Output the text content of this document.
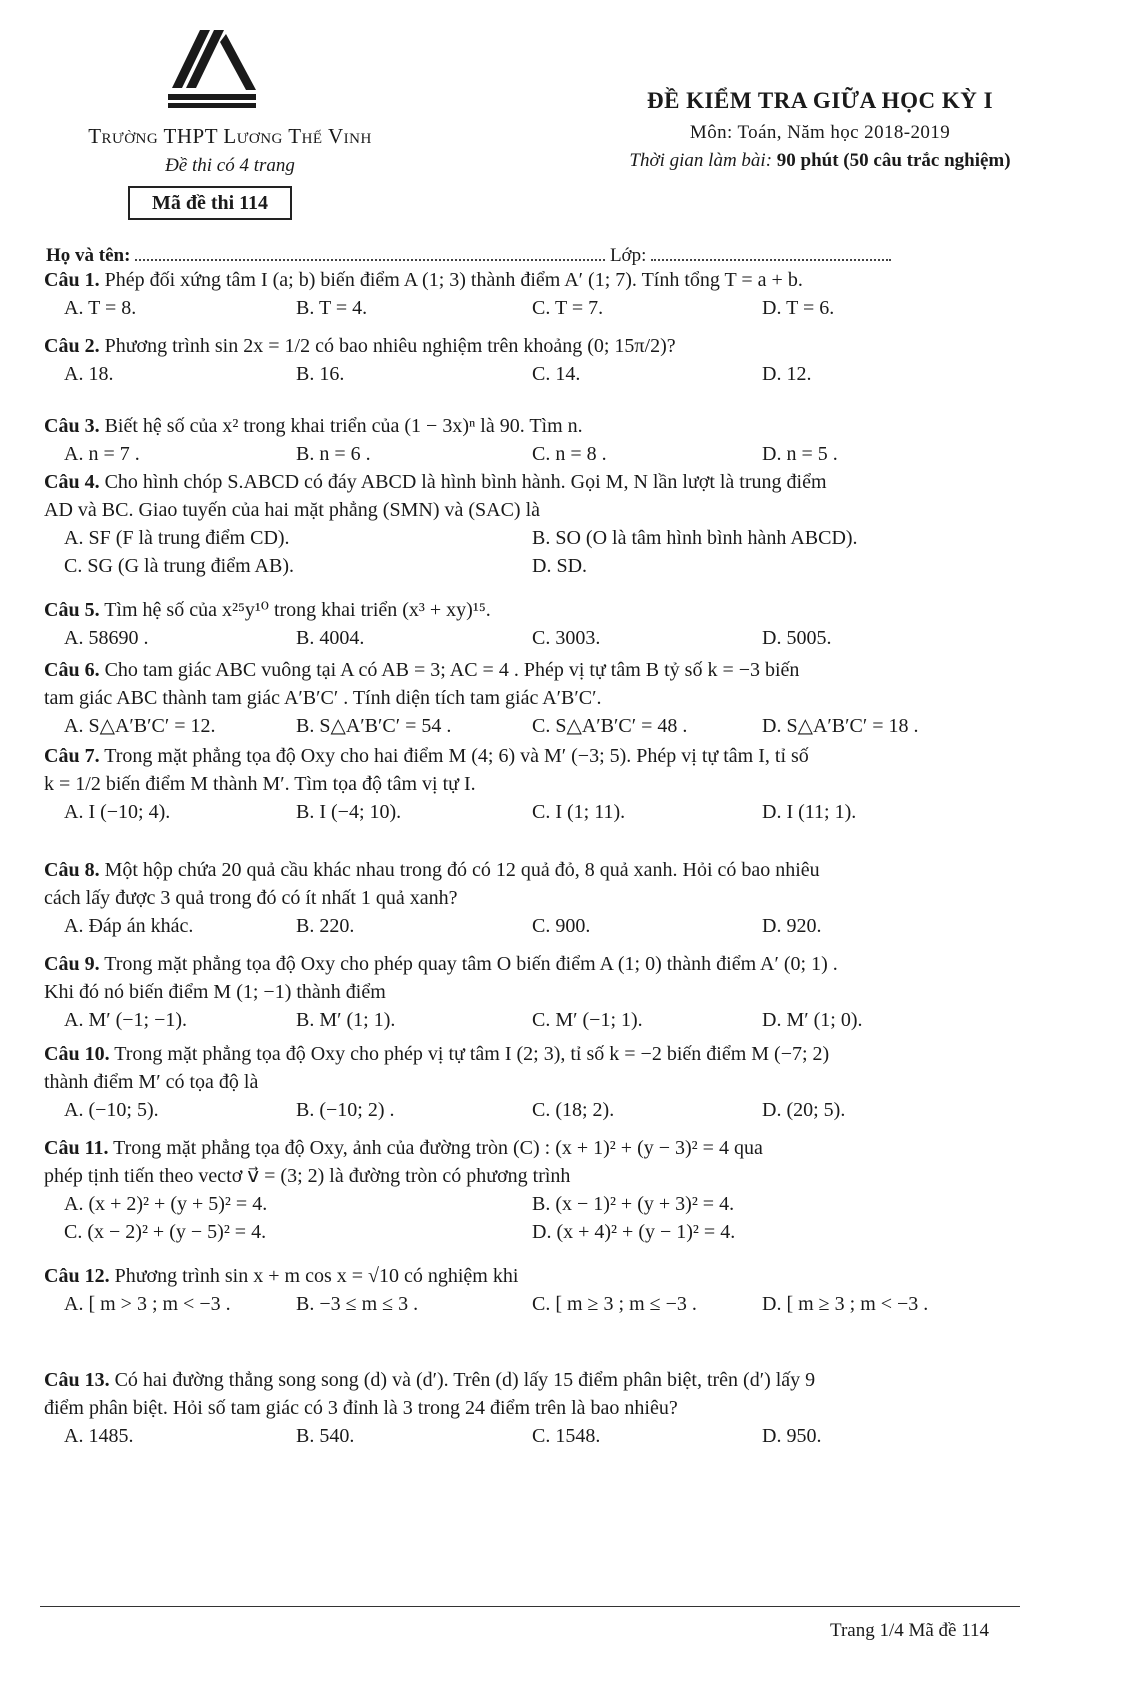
Trường THPT Lương Thế Vinh
Đề thi có 4 trang
Mã đề thi 114
ĐỀ KIỂM TRA GIỮA HỌC KỲ I
Môn: Toán, Năm học 2018-2019
Thời gian làm bài: 90 phút (50 câu trắc nghiệm)
Họ và tên:	Lớp:
Câu 1. Phép đối xứng tâm I (a; b) biến điểm A (1; 3) thành điểm A′ (1; 7). Tính tổng T = a + b.
A. T = 8.	B. T = 4.	C. T = 7.	D. T = 6.
Câu 2. Phương trình sin 2x = 1/2 có bao nhiêu nghiệm trên khoảng (0; 15π/2)?
A. 18.	B. 16.	C. 14.	D. 12.
Câu 3. Biết hệ số của x² trong khai triển của (1 − 3x)ⁿ là 90. Tìm n.
A. n = 7 .	B. n = 6 .	C. n = 8 .	D. n = 5 .
Câu 4. Cho hình chóp S.ABCD có đáy ABCD là hình bình hành. Gọi M, N lần lượt là trung điểm
AD và BC. Giao tuyến của hai mặt phẳng (SMN) và (SAC) là
A. SF (F là trung điểm CD).	B. SO (O là tâm hình bình hành ABCD).
C. SG (G là trung điểm AB).	D. SD.
Câu 5. Tìm hệ số của x²⁵y¹⁰ trong khai triển (x³ + xy)¹⁵.
A. 58690 .	B. 4004.	C. 3003.	D. 5005.
Câu 6. Cho tam giác ABC vuông tại A có AB = 3; AC = 4 . Phép vị tự tâm B tỷ số k = −3 biến
tam giác ABC thành tam giác A′B′C′ . Tính diện tích tam giác A′B′C′.
A. S△A′B′C′ = 12.	B. S△A′B′C′ = 54 .	C. S△A′B′C′ = 48 .	D. S△A′B′C′ = 18 .
Câu 7. Trong mặt phẳng tọa độ Oxy cho hai điểm M (4; 6) và M′ (−3; 5). Phép vị tự tâm I, tỉ số
k = 1/2 biến điểm M thành M′. Tìm tọa độ tâm vị tự I.
A. I (−10; 4).	B. I (−4; 10).	C. I (1; 11).	D. I (11; 1).
Câu 8. Một hộp chứa 20 quả cầu khác nhau trong đó có 12 quả đỏ, 8 quả xanh. Hỏi có bao nhiêu
cách lấy được 3 quả trong đó có ít nhất 1 quả xanh?
A. Đáp án khác.	B. 220.	C. 900.	D. 920.
Câu 9. Trong mặt phẳng tọa độ Oxy cho phép quay tâm O biến điểm A (1; 0) thành điểm A′ (0; 1) .
Khi đó nó biến điểm M (1; −1) thành điểm
A. M′ (−1; −1).	B. M′ (1; 1).	C. M′ (−1; 1).	D. M′ (1; 0).
Câu 10. Trong mặt phẳng tọa độ Oxy cho phép vị tự tâm I (2; 3), tỉ số k = −2 biến điểm M (−7; 2)
thành điểm M′ có tọa độ là
A. (−10; 5).	B. (−10; 2) .	C. (18; 2).	D. (20; 5).
Câu 11. Trong mặt phẳng tọa độ Oxy, ảnh của đường tròn (C) : (x + 1)² + (y − 3)² = 4 qua
phép tịnh tiến theo vectơ v⃗ = (3; 2) là đường tròn có phương trình
A. (x + 2)² + (y + 5)² = 4.	B. (x − 1)² + (y + 3)² = 4.
C. (x − 2)² + (y − 5)² = 4.	D. (x + 4)² + (y − 1)² = 4.
Câu 12. Phương trình sin x + m cos x = √10 có nghiệm khi
A. [ m > 3 ; m < −3 .	B. −3 ≤ m ≤ 3 .	C. [ m ≥ 3 ; m ≤ −3 .	D. [ m ≥ 3 ; m < −3 .
Câu 13. Có hai đường thẳng song song (d) và (d′). Trên (d) lấy 15 điểm phân biệt, trên (d′) lấy 9
điểm phân biệt. Hỏi số tam giác có 3 đỉnh là 3 trong 24 điểm trên là bao nhiêu?
A. 1485.	B. 540.	C. 1548.	D. 950.
Trang 1/4 Mã đề 114
